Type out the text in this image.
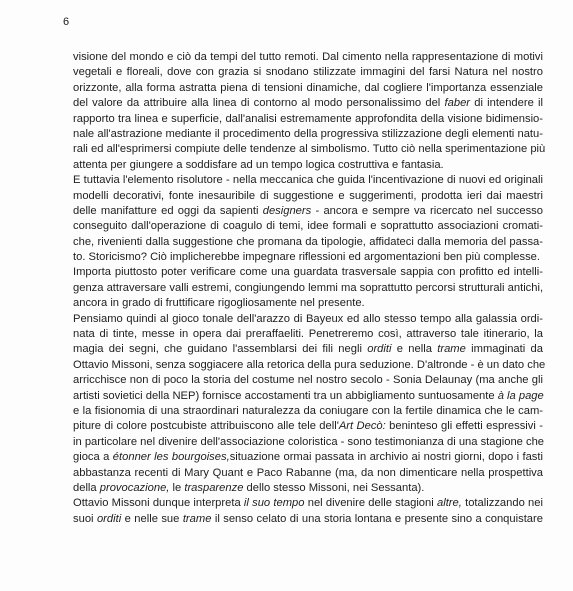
6
visione del mondo e ciò da tempi del tutto remoti. Dal cimento nella rappresentazione di motivi
vegetali e floreali, dove con grazia si snodano stilizzate immagini del farsi Natura nel nostro
orizzonte, alla forma astratta piena di tensioni dinamiche, dal cogliere l'importanza essenziale
del valore da attribuire alla linea di contorno al modo personalissimo del faber di intendere il
rapporto tra linea e superficie, dall'analisi estremamente approfondita della visione bidimensio-
nale all'astrazione mediante il procedimento della progressiva stilizzazione degli elementi natu-
rali ed all'esprimersi compiute delle tendenze al simbolismo. Tutto ciò nella sperimentazione più
attenta per giungere a soddisfare ad un tempo logica costruttiva e fantasia.
E tuttavia l'elemento risolutore - nella meccanica che guida l'incentivazione di nuovi ed originali
modelli decorativi, fonte inesauribile di suggestione e suggerimenti, prodotta ieri dai maestri
delle manifatture ed oggi da sapienti designers - ancora e sempre va ricercato nel successo
conseguito dall'operazione di coagulo di temi, idee formali e soprattutto associazioni cromati-
che, rivenienti dalla suggestione che promana da tipologie, affidateci dalla memoria del passa-
to. Storicismo? Ciò implicherebbe impegnare riflessioni ed argomentazioni ben più complesse.
Importa piuttosto poter verificare come una guardata trasversale sappia con profitto ed intelli-
genza attraversare valli estremi, congiungendo lemmi ma soprattutto percorsi strutturali antichi,
ancora in grado di fruttificare rigogliosamente nel presente.
Pensiamo quindi al gioco tonale dell'arazzo di Bayeux ed allo stesso tempo alla galassia ordi-
nata di tinte, messe in opera dai preraffaeliti. Penetreremo così, attraverso tale itinerario, la
magia dei segni, che guidano l'assemblarsi dei fili negli orditi e nella trame immaginati da
Ottavio Missoni, senza soggiacere alla retorica della pura seduzione. D'altronde - è un dato che
arricchisce non di poco la storia del costume nel nostro secolo - Sonia Delaunay (ma anche gli
artisti sovietici della NEP) fornisce accostamenti tra un abbigliamento suntuosamente à la page
e la fisionomia di una straordinari naturalezza da coniugare con la fertile dinamica che le cam-
piture di colore postcubiste attribuiscono alle tele dell'Art Decò: beninteso gli effetti espressivi -
in particolare nel divenire dell'associazione coloristica - sono testimonianza di una stagione che
gioca a étonner les bourgoises,situazione ormai passata in archivio ai nostri giorni, dopo i fasti
abbastanza recenti di Mary Quant e Paco Rabanne (ma, da non dimenticare nella prospettiva
della provocazione, le trasparenze dello stesso Missoni, nei Sessanta).
Ottavio Missoni dunque interpreta il suo tempo nel divenire delle stagioni altre, totalizzando nei
suoi orditi e nelle sue trame il senso celato di una storia lontana e presente sino a conquistare
